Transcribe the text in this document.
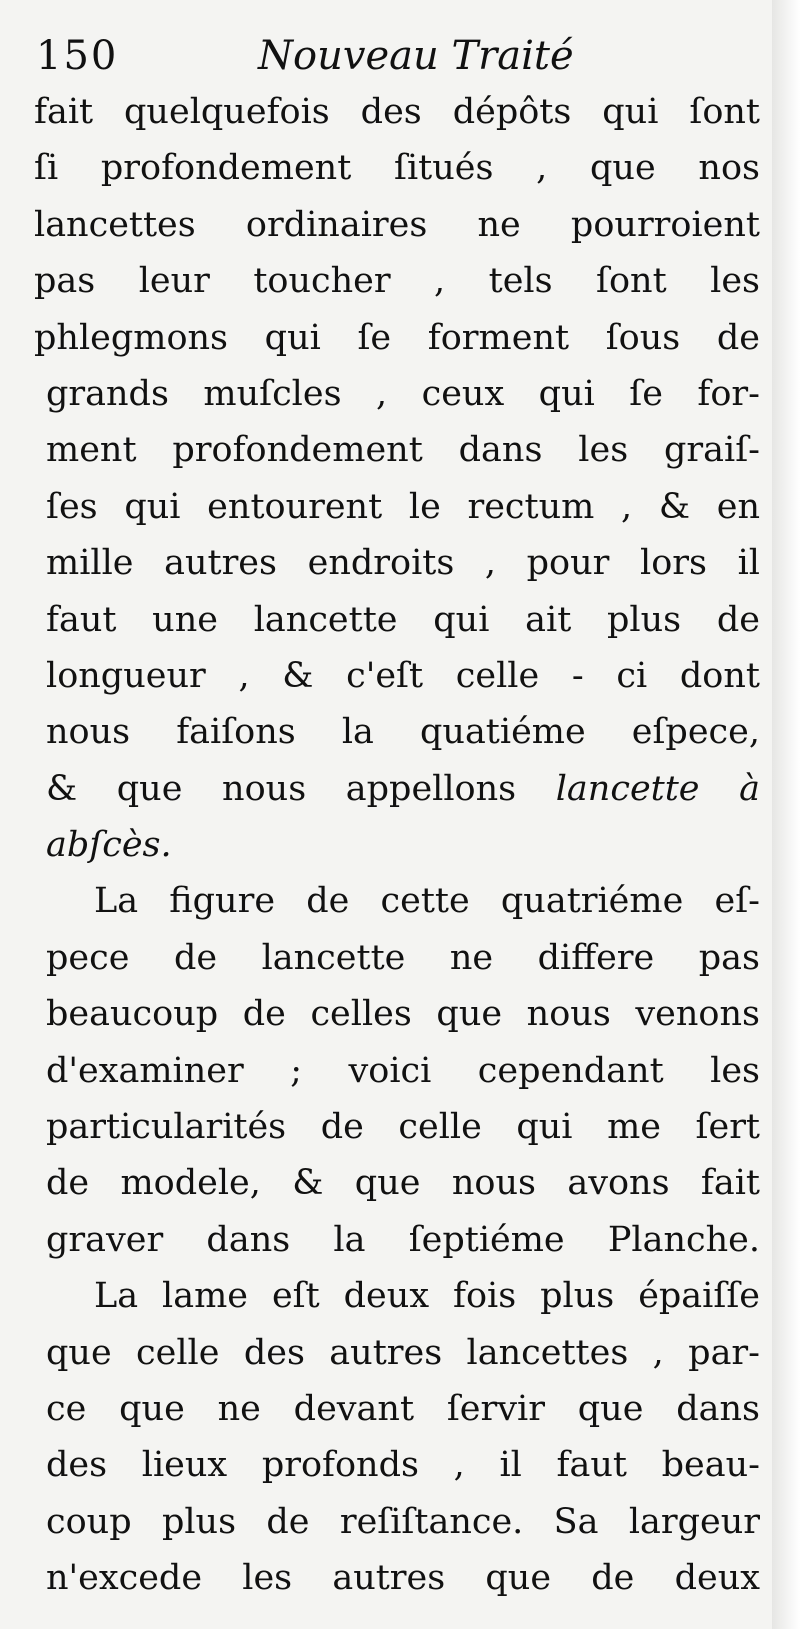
150	Nouveau Traité
fait quelquefois des dépôts qui ſont
ſi profondement ſitués , que nos
lancettes ordinaires ne pourroient
pas leur toucher , tels ſont les
phlegmons qui ſe forment ſous de
grands muſcles , ceux qui ſe for-
ment profondement dans les graiſ-
ſes qui entourent le rectum , & en
mille autres endroits , pour lors il
faut une lancette qui ait plus de
longueur , & c'eſt celle - ci dont
nous faiſons la quatiéme eſpece,
& que nous appellons lancette à
abſcès.
La figure de cette quatriéme eſ-
pece de lancette ne differe pas
beaucoup de celles que nous venons
d'examiner ; voici cependant les
particularités de celle qui me ſert
de modele, & que nous avons fait
graver dans la ſeptiéme Planche.
La lame eſt deux fois plus épaiſſe
que celle des autres lancettes , par-
ce que ne devant ſervir que dans
des lieux profonds , il faut beau-
coup plus de reſiſtance. Sa largeur
n'excede les autres que de deux
